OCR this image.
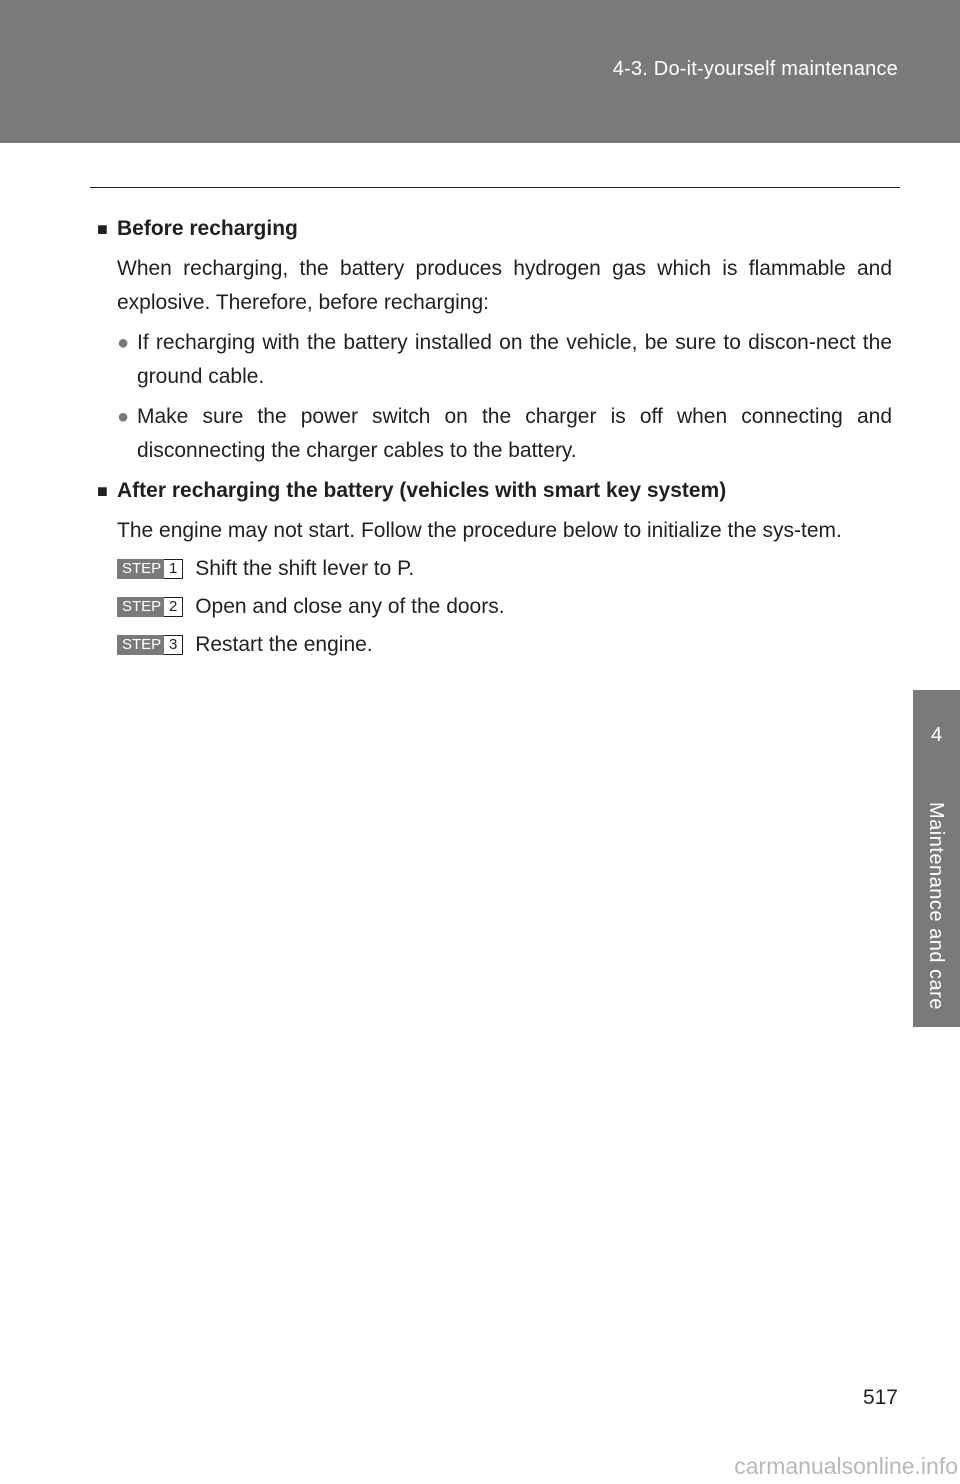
4-3. Do-it-yourself maintenance
4
Maintenance and care
■ Before recharging
When recharging, the battery produces hydrogen gas which is flammable and explosive. Therefore, before recharging:
● If recharging with the battery installed on the vehicle, be sure to discon-nect the ground cable.
● Make sure the power switch on the charger is off when connecting and disconnecting the charger cables to the battery.
■ After recharging the battery (vehicles with smart key system)
The engine may not start. Follow the procedure below to initialize the sys-tem.
STEP 1 Shift the shift lever to P.
STEP 2 Open and close any of the doors.
STEP 3 Restart the engine.
517
carmanualsonline.info
